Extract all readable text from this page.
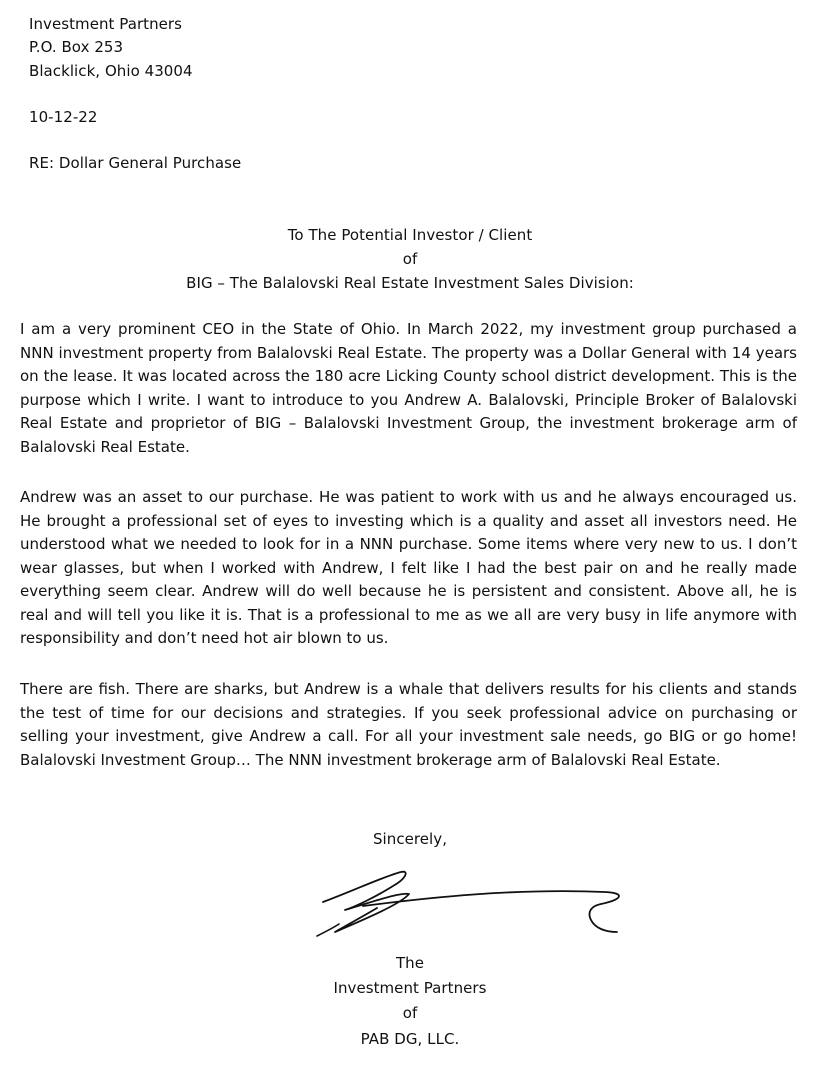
Investment Partners
P.O. Box 253
Blacklick, Ohio 43004
10-12-22
RE: Dollar General Purchase
To The Potential Investor / Client
of
BIG – The Balalovski Real Estate Investment Sales Division:
I am a very prominent CEO in the State of Ohio. In March 2022, my investment group purchased a NNN investment property from Balalovski Real Estate. The property was a Dollar General with 14 years on the lease. It was located across the 180 acre Licking County school district development. This is the purpose which I write. I want to introduce to you Andrew A. Balalovski, Principle Broker of Balalovski Real Estate and proprietor of BIG – Balalovski Investment Group, the investment brokerage arm of Balalovski Real Estate.
Andrew was an asset to our purchase. He was patient to work with us and he always encouraged us. He brought a professional set of eyes to investing which is a quality and asset all investors need. He understood what we needed to look for in a NNN purchase. Some items where very new to us. I don’t wear glasses, but when I worked with Andrew, I felt like I had the best pair on and he really made everything seem clear. Andrew will do well because he is persistent and consistent. Above all, he is real and will tell you like it is. That is a professional to me as we all are very busy in life anymore with responsibility and don’t need hot air blown to us.
There are fish. There are sharks, but Andrew is a whale that delivers results for his clients and stands the test of time for our decisions and strategies. If you seek professional advice on purchasing or selling your investment, give Andrew a call. For all your investment sale needs, go BIG or go home! Balalovski Investment Group… The NNN investment brokerage arm of Balalovski Real Estate.
Sincerely,
The
Investment Partners
of
PAB DG, LLC.
